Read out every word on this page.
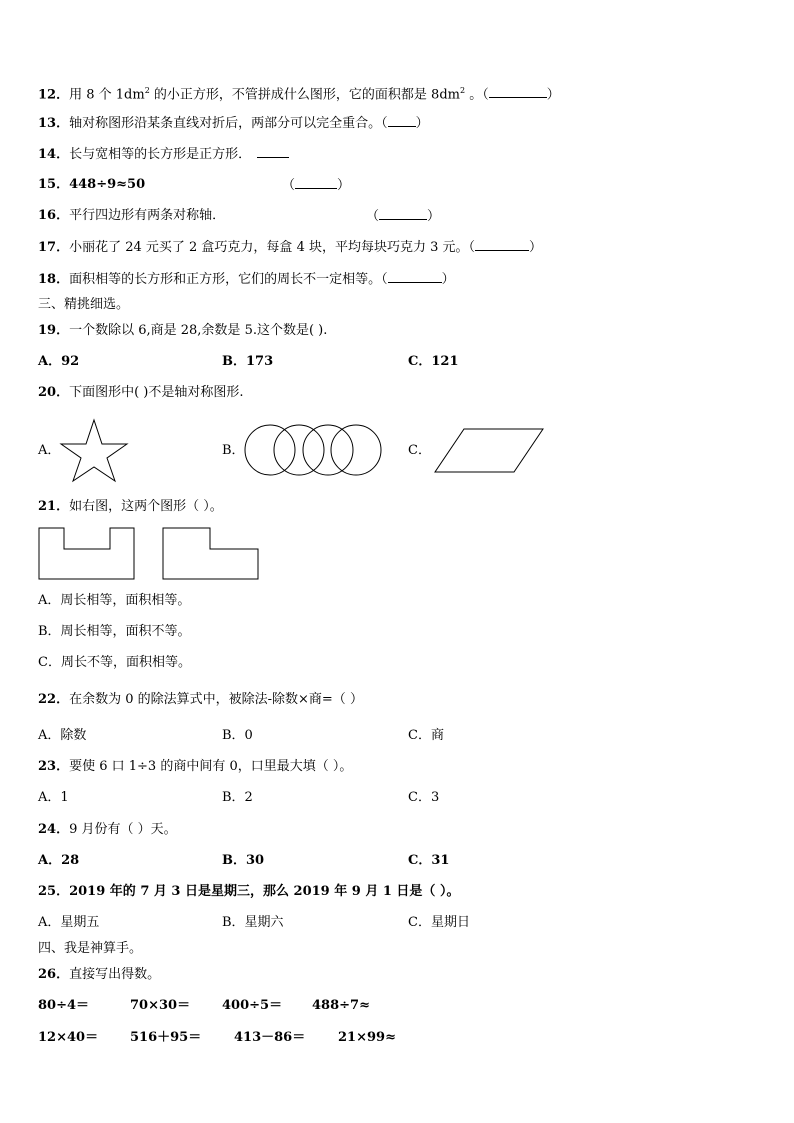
12．用 8 个 $1dm^2$ 的小正方形，不管拼成什么图形，它的面积都是 $8dm^2$ 。（	）
13．轴对称图形沿某条直线对折后，两部分可以完全重合。（ ）
14．长与宽相等的长方形是正方形．
15．448÷9≈50	（	）
16．平行四边形有两条对称轴．	（	）
17．小丽花了 24 元买了 2 盒巧克力，每盒 4 块，平均每块巧克力 3 元。（	）
18．面积相等的长方形和正方形，它们的周长不一定相等。（	）
三、精挑细选。
19．一个数除以 6,商是 28,余数是 5.这个数是( ).
A．92	B．173	C．121
20．下面图形中( )不是轴对称图形.
A．	B．	C．
21．如右图，这两个图形（ ）。
A．周长相等，面积相等。
B．周长相等，面积不等。
C．周长不等，面积相等。
22．在余数为 0 的除法算式中，被除法-除数×商=（ ）
A．除数	B．0	C．商
23．要使 6 口 1÷3 的商中间有 0，口里最大填（ ）。
A．1	B．2	C．3
24．9 月份有（ ）天。
A．28	B．30	C．31
25．2019 年的 7 月 3 日是星期三，那么 2019 年 9 月 1 日是（ ）。
A．星期五	B．星期六	C．星期日
四、我是神算手。
26．直接写出得数。
80÷4＝	70×30＝ 400÷5＝ 488÷7≈
12×40＝ 516＋95＝	413－86＝	21×99≈
